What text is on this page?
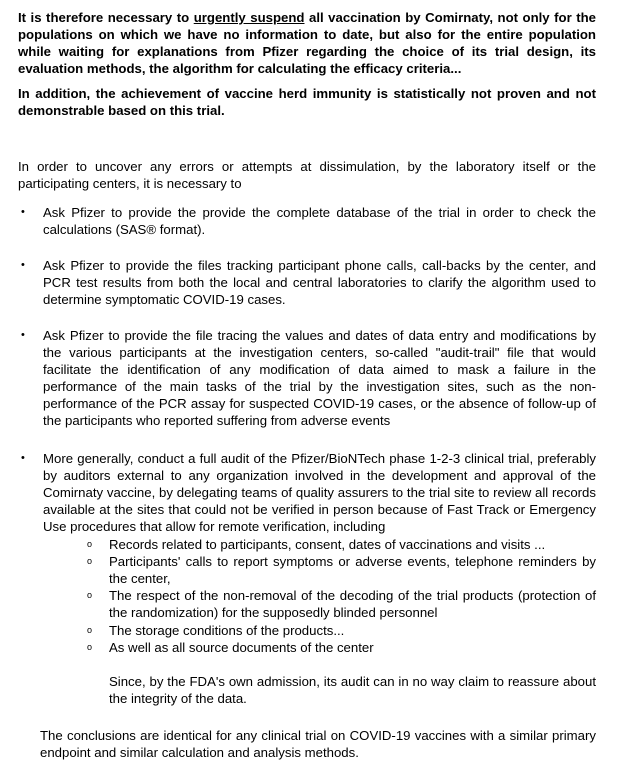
It is therefore necessary to urgently suspend all vaccination by Comirnaty, not only for the populations on which we have no information to date, but also for the entire population while waiting for explanations from Pfizer regarding the choice of its trial design, its evaluation methods, the algorithm for calculating the efficacy criteria...

In addition, the achievement of vaccine herd immunity is statistically not proven and not demonstrable based on this trial.

In order to uncover any errors or attempts at dissimulation, by the laboratory itself or the participating centers, it is necessary to

• Ask Pfizer to provide the provide the complete database of the trial in order to check the calculations (SAS® format).

• Ask Pfizer to provide the files tracking participant phone calls, call-backs by the center, and PCR test results from both the local and central laboratories to clarify the algorithm used to determine symptomatic COVID-19 cases.

• Ask Pfizer to provide the file tracing the values and dates of data entry and modifications by the various participants at the investigation centers, so-called "audit-trail" file that would facilitate the identification of any modification of data aimed to mask a failure in the performance of the main tasks of the trial by the investigation sites, such as the non-performance of the PCR assay for suspected COVID-19 cases, or the absence of follow-up of the participants who reported suffering from adverse events

• More generally, conduct a full audit of the Pfizer/BioNTech phase 1-2-3 clinical trial, preferably by auditors external to any organization involved in the development and approval of the Comirnaty vaccine, by delegating teams of quality assurers to the trial site to review all records available at the sites that could not be verified in person because of Fast Track or Emergency Use procedures that allow for remote verification, including

o Records related to participants, consent, dates of vaccinations and visits ...

o Participants' calls to report symptoms or adverse events, telephone reminders by the center,

o The respect of the non-removal of the decoding of the trial products (protection of the randomization) for the supposedly blinded personnel

o The storage conditions of the products...

o As well as all source documents of the center

Since, by the FDA's own admission, its audit can in no way claim to reassure about the integrity of the data.

The conclusions are identical for any clinical trial on COVID-19 vaccines with a similar primary endpoint and similar calculation and analysis methods.
